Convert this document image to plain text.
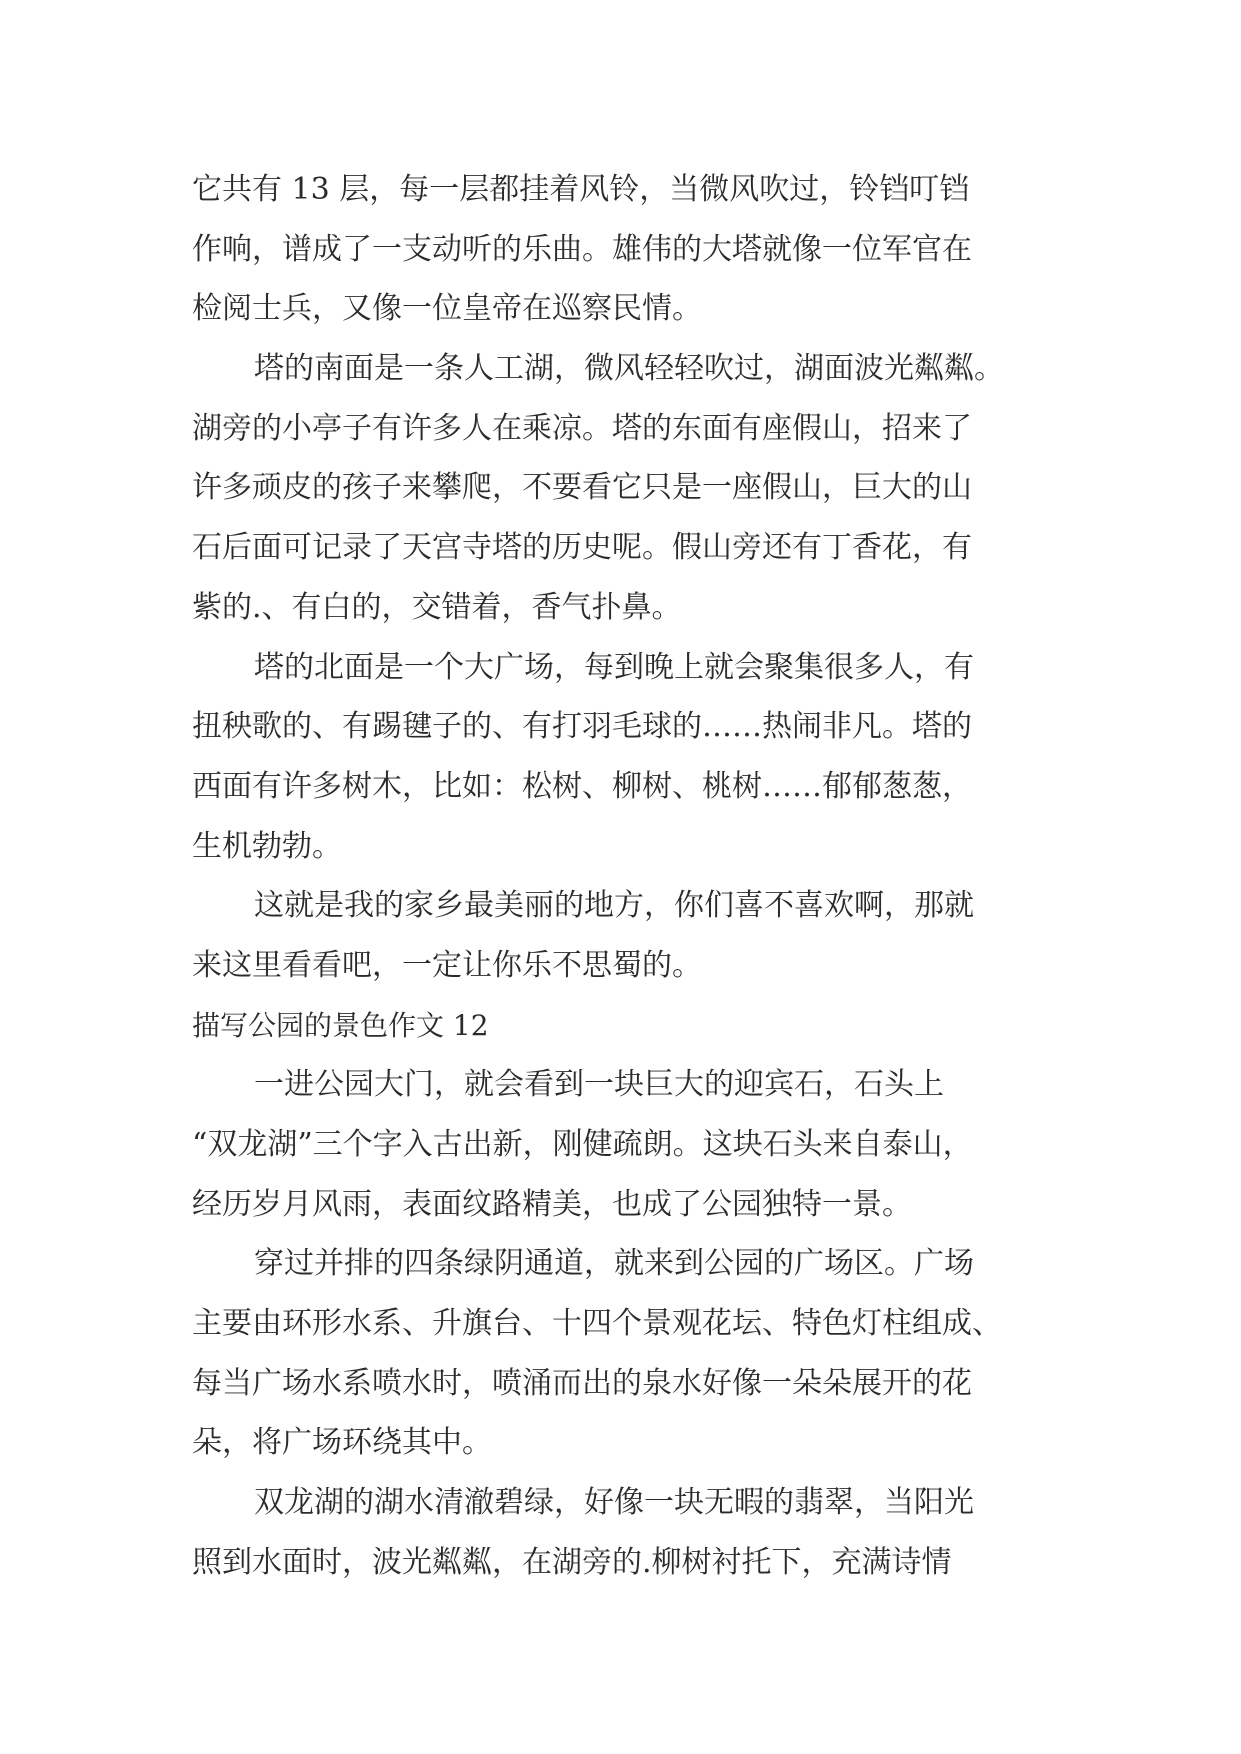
它共有 13 层，每一层都挂着风铃，当微风吹过，铃铛叮铛
作响，谱成了一支动听的乐曲。雄伟的大塔就像一位军官在
检阅士兵，又像一位皇帝在巡察民情。
塔的南面是一条人工湖，微风轻轻吹过，湖面波光粼粼。
湖旁的小亭子有许多人在乘凉。塔的东面有座假山，招来了
许多顽皮的孩子来攀爬，不要看它只是一座假山，巨大的山
石后面可记录了天宫寺塔的历史呢。假山旁还有丁香花，有
紫的.、有白的，交错着，香气扑鼻。
塔的北面是一个大广场，每到晚上就会聚集很多人，有
扭秧歌的、有踢毽子的、有打羽毛球的……热闹非凡。塔的
西面有许多树木，比如：松树、柳树、桃树……郁郁葱葱，
生机勃勃。
这就是我的家乡最美丽的地方，你们喜不喜欢啊，那就
来这里看看吧，一定让你乐不思蜀的。
描写公园的景色作文 12
一进公园大门，就会看到一块巨大的迎宾石，石头上
“双龙湖”三个字入古出新，刚健疏朗。这块石头来自泰山，
经历岁月风雨，表面纹路精美，也成了公园独特一景。
穿过并排的四条绿阴通道，就来到公园的广场区。广场
主要由环形水系、升旗台、十四个景观花坛、特色灯柱组成、
每当广场水系喷水时，喷涌而出的泉水好像一朵朵展开的花
朵，将广场环绕其中。
双龙湖的湖水清澈碧绿，好像一块无暇的翡翠，当阳光
照到水面时，波光粼粼，在湖旁的.柳树衬托下，充满诗情
